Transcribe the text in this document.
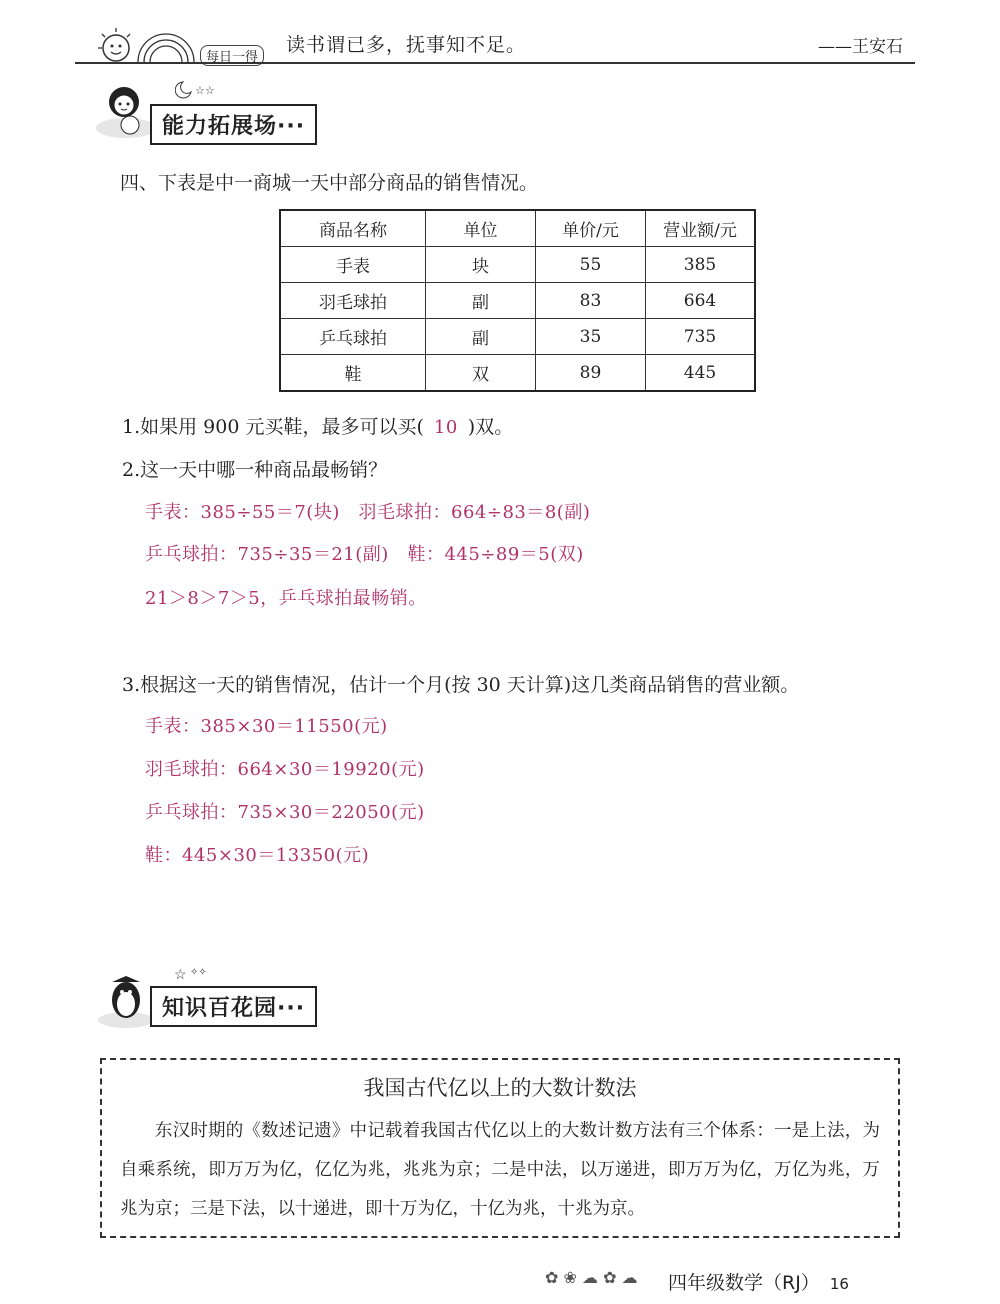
每日一得
读书谓已多，抚事知不足。	——王安石
☆☆
能力拓展场···
四、下表是中一商城一天中部分商品的销售情况。
商品名称	单位	单价/元	营业额/元
手表	块	55	385
羽毛球拍	副	83	664
乒乓球拍	副	35	735
鞋	双	89	445
1.如果用 900 元买鞋，最多可以买( 10 )双。
2.这一天中哪一种商品最畅销？
手表：385÷55＝7(块)   羽毛球拍：664÷83＝8(副)
乒乓球拍：735÷35＝21(副)   鞋：445÷89＝5(双)
21＞8＞7＞5，乒乓球拍最畅销。
3.根据这一天的销售情况，估计一个月(按 30 天计算)这几类商品销售的营业额。
手表：385×30＝11550(元)
羽毛球拍：664×30＝19920(元)
乒乓球拍：735×30＝22050(元)
鞋：445×30＝13350(元)
☆ ✧✧
知识百花园···
我国古代亿以上的大数计数法
东汉时期的《数述记遗》中记载着我国古代亿以上的大数计数方法有三个体系：一是上法，为自乘系统，即万万为亿，亿亿为兆，兆兆为京；二是中法，以万递进，即万万为亿，万亿为兆，万兆为京；三是下法，以十递进，即十万为亿，十亿为兆，十兆为京。
✿ ❀ ☁ ✿ ☁ 四年级数学（RJ） 16
